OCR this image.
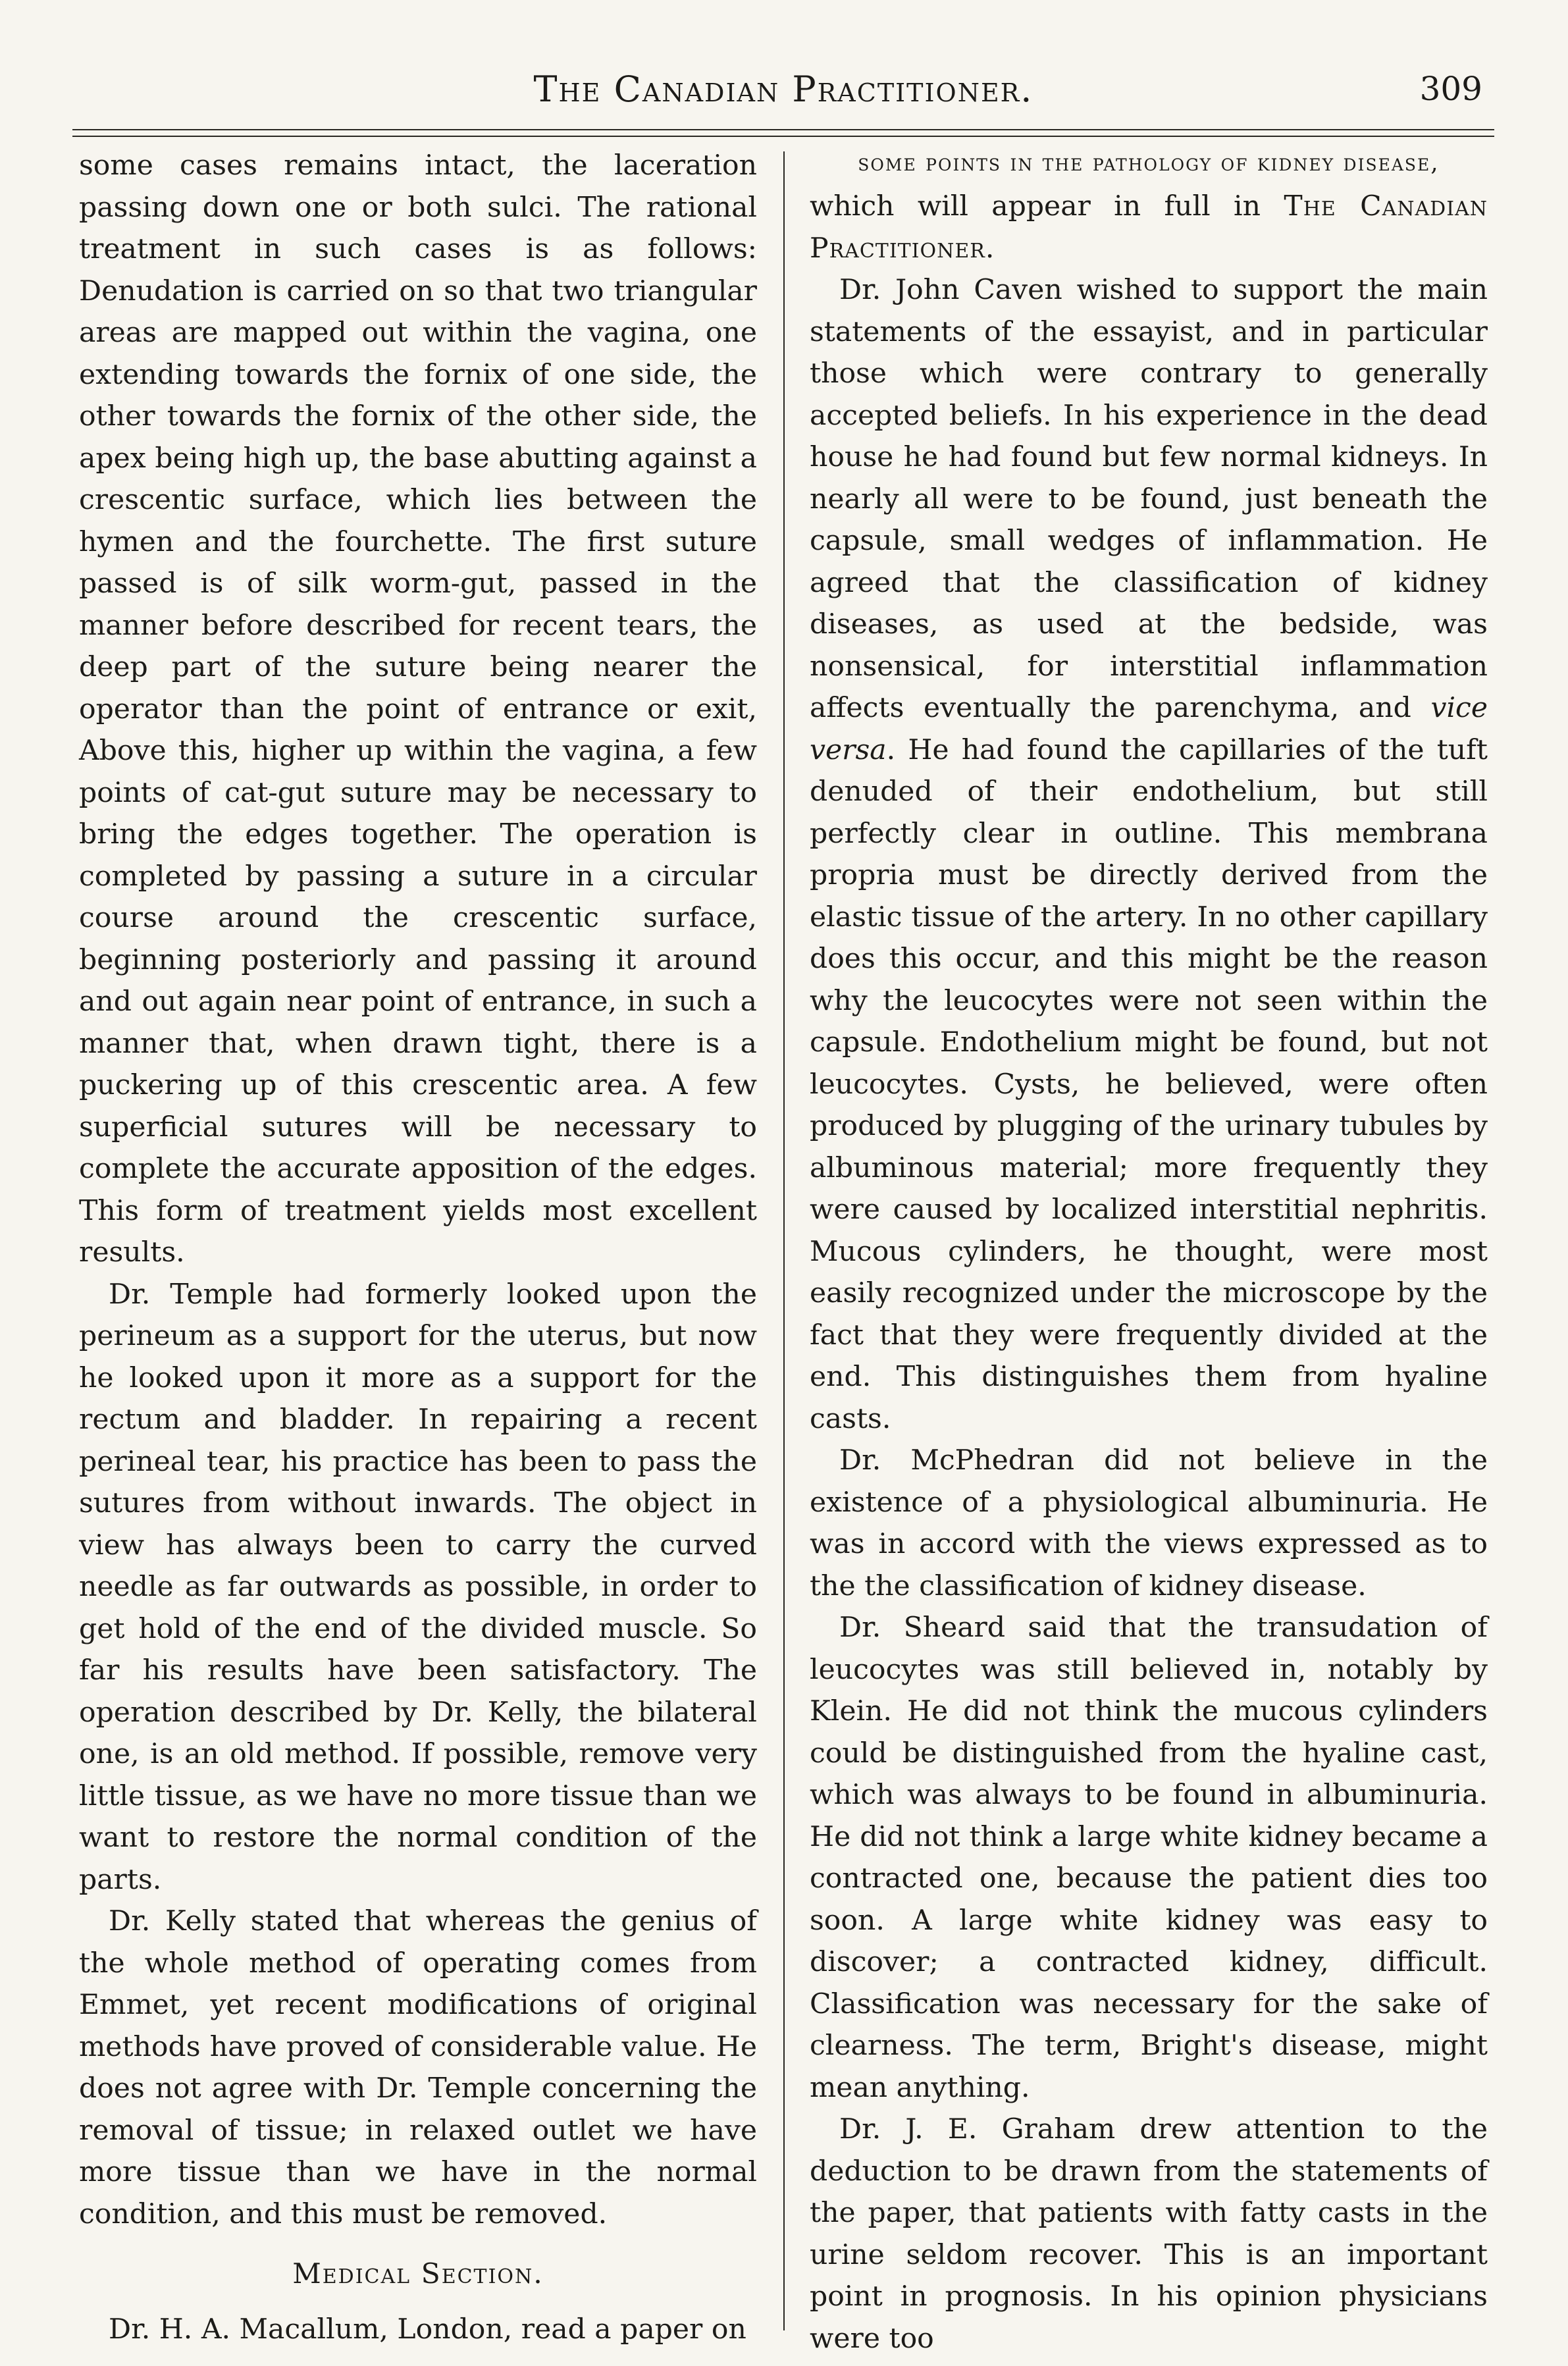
The Canadian Practitioner.	309

some cases remains intact, the laceration passing down one or both sulci. The rational treatment in such cases is as follows: Denudation is carried on so that two triangular areas are mapped out within the vagina, one extending towards the fornix of one side, the other towards the fornix of the other side, the apex being high up, the base abutting against a crescentic surface, which lies between the hymen and the fourchette. The first suture passed is of silk worm-gut, passed in the manner before described for recent tears, the deep part of the suture being nearer the operator than the point of entrance or exit, Above this, higher up within the vagina, a few points of cat-gut suture may be necessary to bring the edges together. The operation is completed by passing a suture in a circular course around the crescentic surface, beginning posteriorly and passing it around and out again near point of entrance, in such a manner that, when drawn tight, there is a puckering up of this crescentic area. A few superficial sutures will be necessary to complete the accurate apposition of the edges. This form of treatment yields most excellent results.

Dr. Temple had formerly looked upon the perineum as a support for the uterus, but now he looked upon it more as a support for the rectum and bladder. In repairing a recent perineal tear, his practice has been to pass the sutures from without inwards. The object in view has always been to carry the curved needle as far outwards as possible, in order to get hold of the end of the divided muscle. So far his results have been satisfactory. The operation described by Dr. Kelly, the bilateral one, is an old method. If possible, remove very little tissue, as we have no more tissue than we want to restore the normal condition of the parts.

Dr. Kelly stated that whereas the genius of the whole method of operating comes from Emmet, yet recent modifications of original methods have proved of considerable value. He does not agree with Dr. Temple concerning the removal of tissue; in relaxed outlet we have more tissue than we have in the normal condition, and this must be removed.

Medical Section.

Dr. H. A. Macallum, London, read a paper on

some points in the pathology of kidney disease,

which will appear in full in The Canadian Practitioner.

Dr. John Caven wished to support the main statements of the essayist, and in particular those which were contrary to generally accepted beliefs. In his experience in the dead house he had found but few normal kidneys. In nearly all were to be found, just beneath the capsule, small wedges of inflammation. He agreed that the classification of kidney diseases, as used at the bedside, was nonsensical, for interstitial inflammation affects eventually the parenchyma, and vice versa. He had found the capillaries of the tuft denuded of their endothelium, but still perfectly clear in outline. This membrana propria must be directly derived from the elastic tissue of the artery. In no other capillary does this occur, and this might be the reason why the leucocytes were not seen within the capsule. Endothelium might be found, but not leucocytes. Cysts, he believed, were often produced by plugging of the urinary tubules by albuminous material; more frequently they were caused by localized interstitial nephritis. Mucous cylinders, he thought, were most easily recognized under the microscope by the fact that they were frequently divided at the end. This distinguishes them from hyaline casts.

Dr. McPhedran did not believe in the existence of a physiological albuminuria. He was in accord with the views expressed as to the the classification of kidney disease.

Dr. Sheard said that the transudation of leucocytes was still believed in, notably by Klein. He did not think the mucous cylinders could be distinguished from the hyaline cast, which was always to be found in albuminuria. He did not think a large white kidney became a contracted one, because the patient dies too soon. A large white kidney was easy to discover; a contracted kidney, difficult. Classification was necessary for the sake of clearness. The term, Bright's disease, might mean anything.

Dr. J. E. Graham drew attention to the deduction to be drawn from the statements of the paper, that patients with fatty casts in the urine seldom recover. This is an important point in prognosis. In his opinion physicians were too
